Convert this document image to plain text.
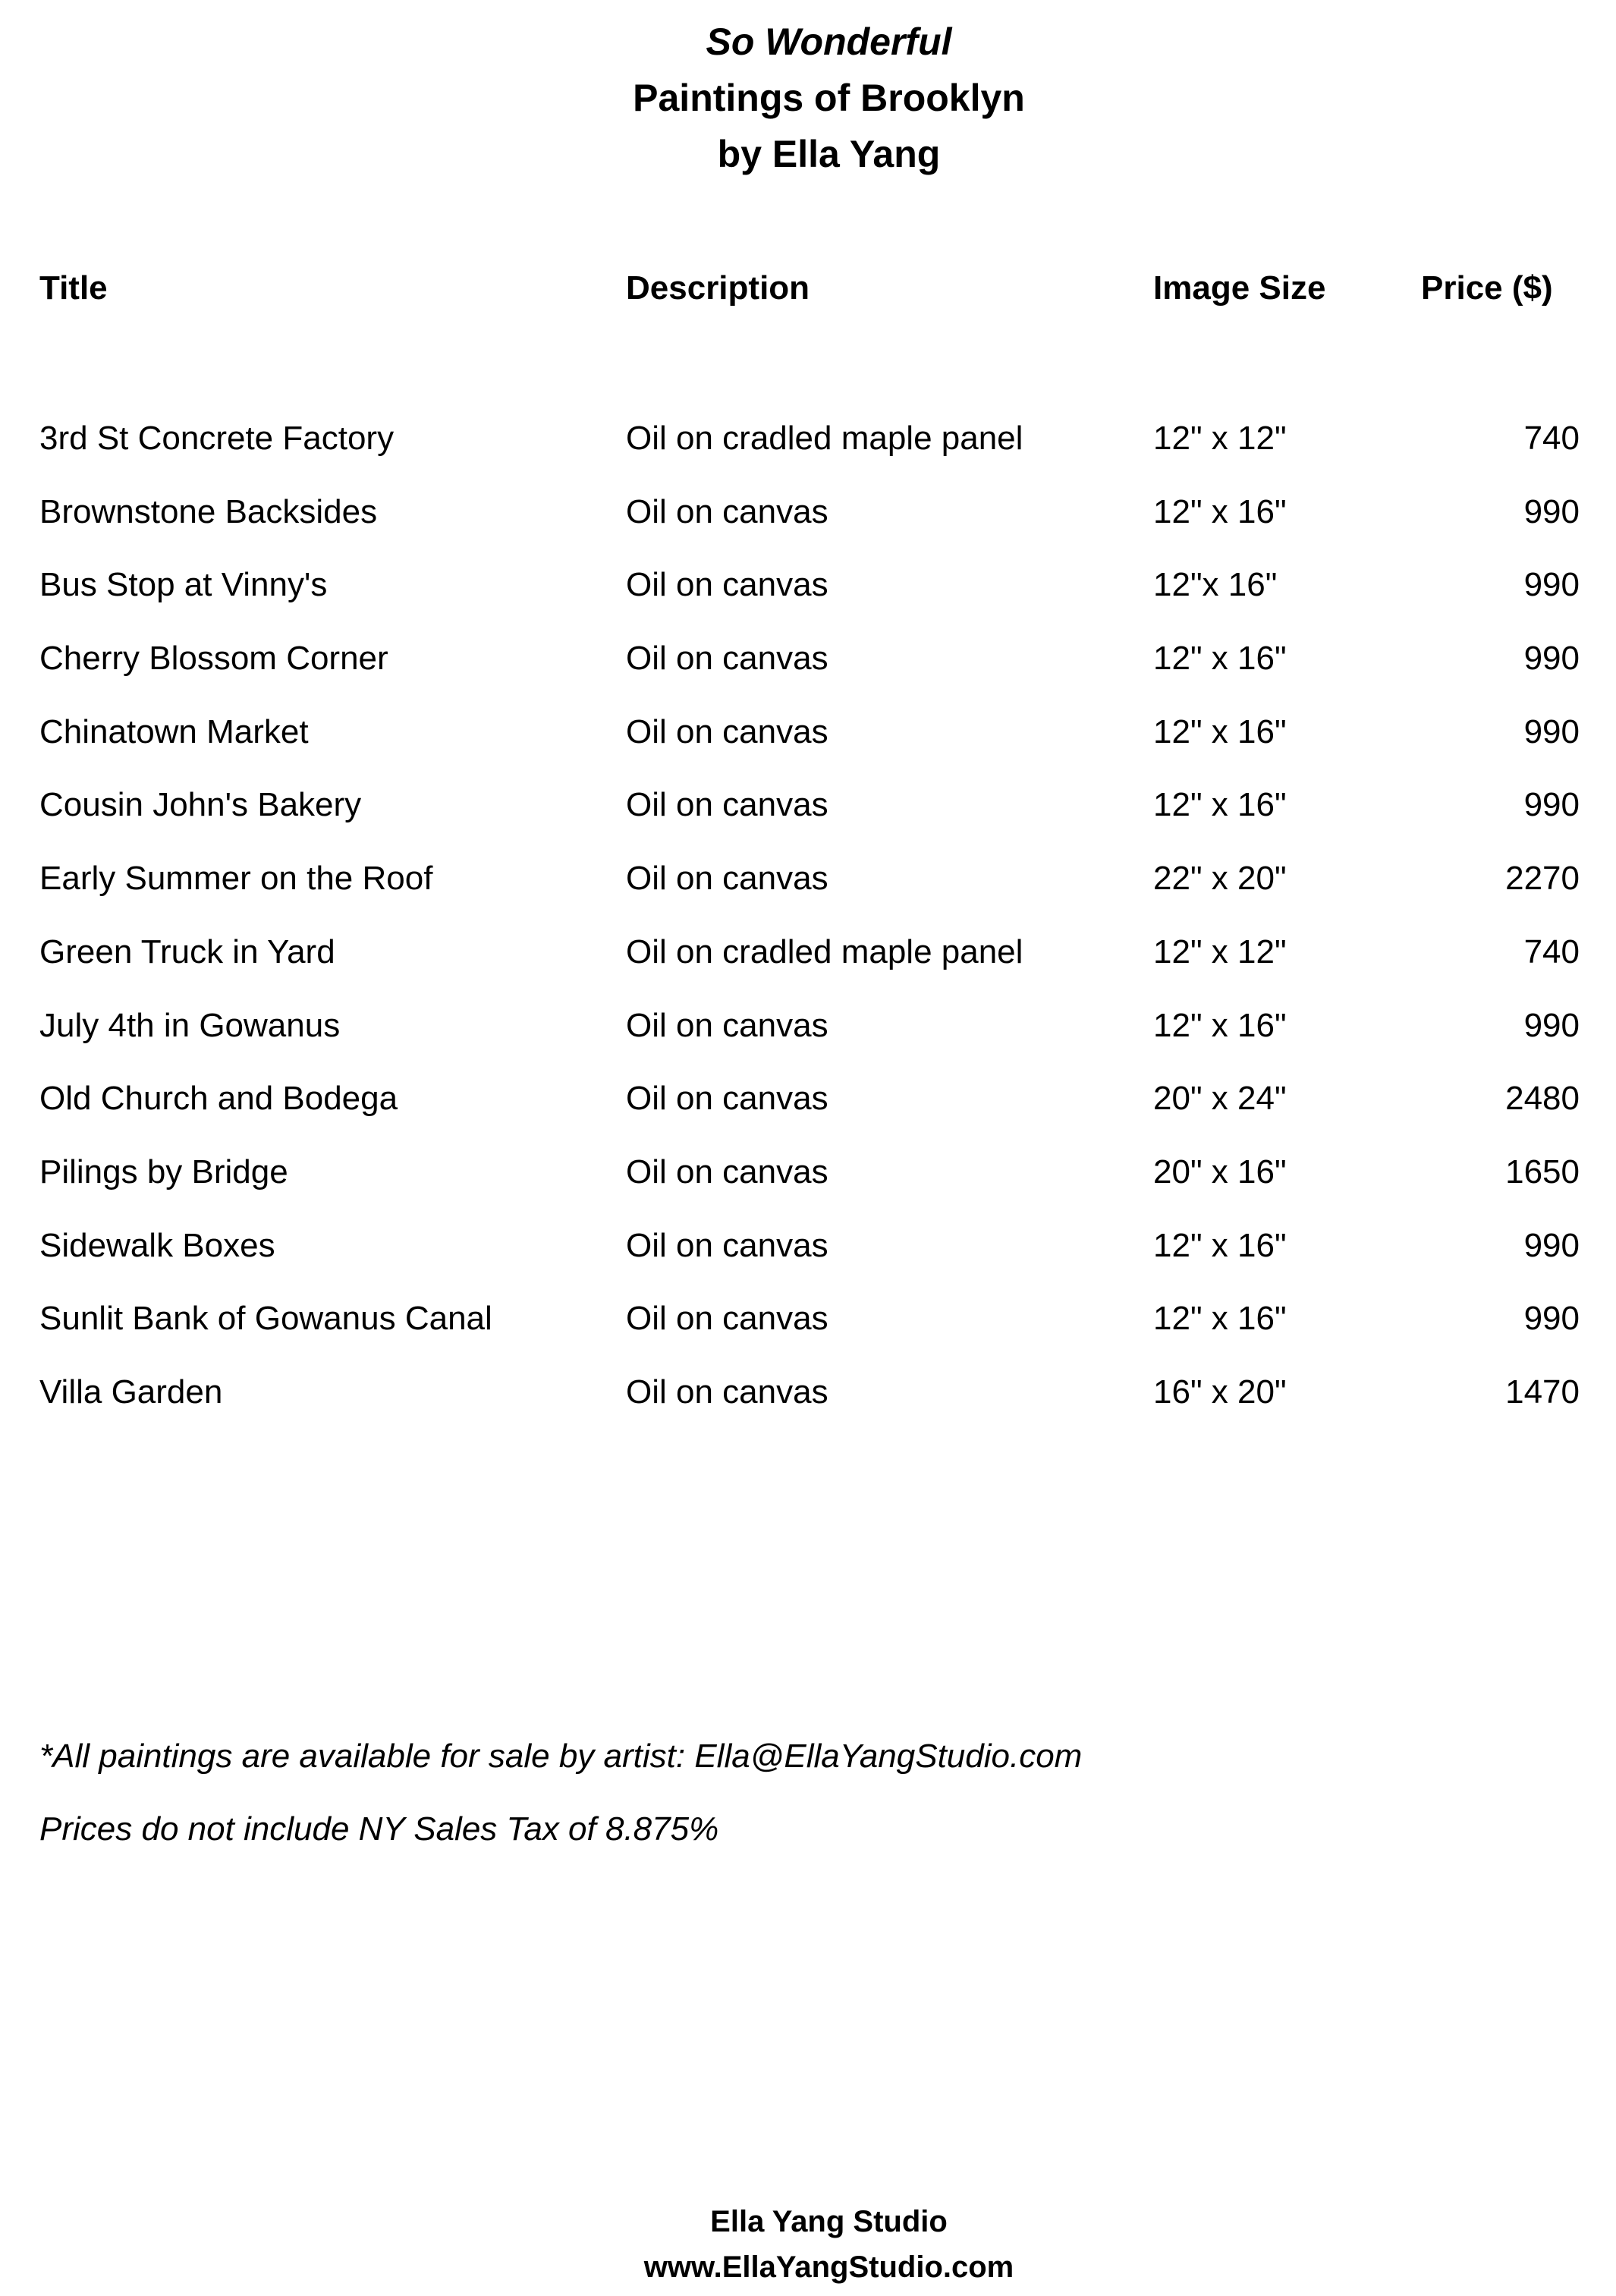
So Wonderful
Paintings of Brooklyn
by Ella Yang
Title	Description	Image Size	Price ($)
3rd St Concrete Factory	Oil on cradled maple panel	12" x 12"	740
Brownstone Backsides	Oil on canvas	12" x 16"	990
Bus Stop at Vinny's	Oil on canvas	12"x 16"	990
Cherry Blossom Corner	Oil on canvas	12" x 16"	990
Chinatown Market	Oil on canvas	12" x 16"	990
Cousin John's Bakery	Oil on canvas	12" x 16"	990
Early Summer on the Roof	Oil on canvas	22" x 20"	2270
Green Truck in Yard	Oil on cradled maple panel	12" x 12"	740
July 4th in Gowanus	Oil on canvas	12" x 16"	990
Old Church and Bodega	Oil on canvas	20" x 24"	2480
Pilings by Bridge	Oil on canvas	20" x 16"	1650
Sidewalk Boxes	Oil on canvas	12" x 16"	990
Sunlit Bank of Gowanus Canal	Oil on canvas	12" x 16"	990
Villa Garden	Oil on canvas	16" x 20"	1470
*All paintings are available for sale by artist: Ella@EllaYangStudio.com
Prices do not include NY Sales Tax of 8.875%
Ella Yang Studio
www.EllaYangStudio.com
